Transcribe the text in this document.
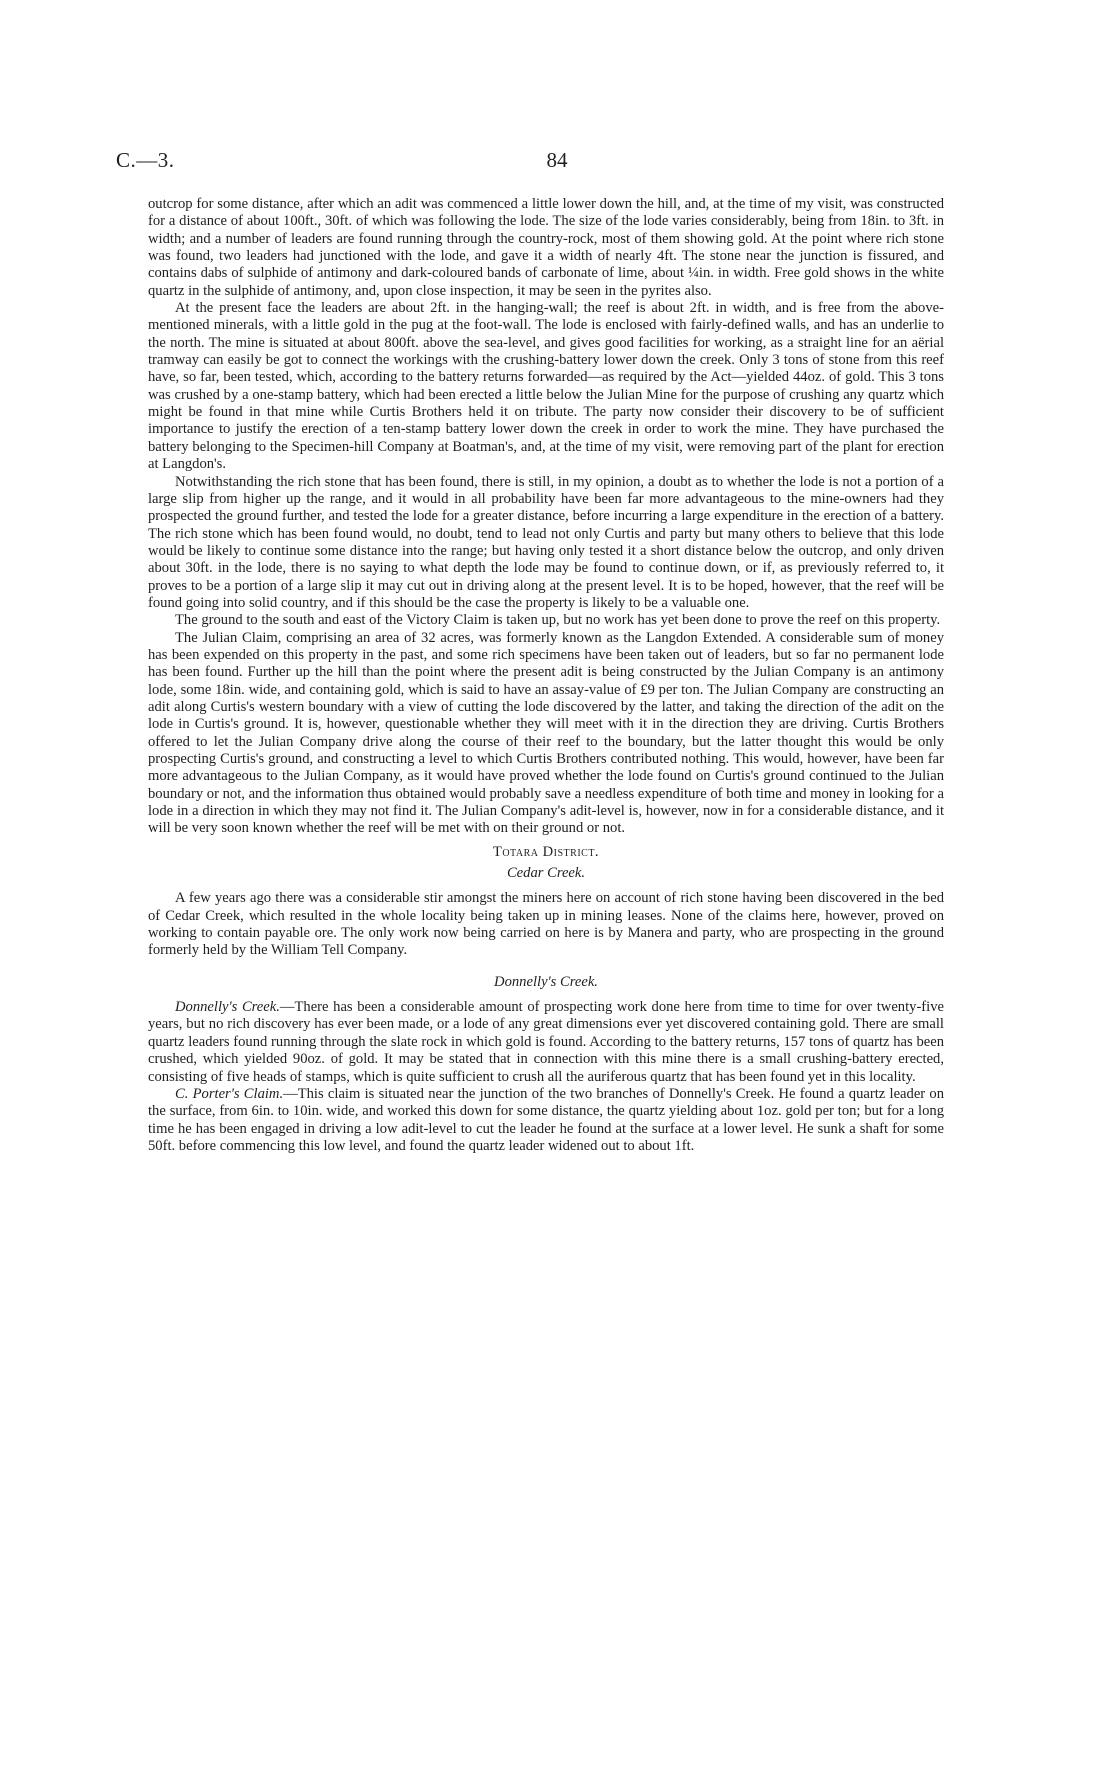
C.—3.	84

outcrop for some distance, after which an adit was commenced a little lower down the hill, and, at the time of my visit, was constructed for a distance of about 100ft., 30ft. of which was following the lode. The size of the lode varies considerably, being from 18in. to 3ft. in width; and a number of leaders are found running through the country-rock, most of them showing gold. At the point where rich stone was found, two leaders had junctioned with the lode, and gave it a width of nearly 4ft. The stone near the junction is fissured, and contains dabs of sulphide of antimony and dark-coloured bands of carbonate of lime, about ¼in. in width. Free gold shows in the white quartz in the sulphide of antimony, and, upon close inspection, it may be seen in the pyrites also.

At the present face the leaders are about 2ft. in the hanging-wall; the reef is about 2ft. in width, and is free from the above-mentioned minerals, with a little gold in the pug at the foot-wall. The lode is enclosed with fairly-defined walls, and has an underlie to the north. The mine is situated at about 800ft. above the sea-level, and gives good facilities for working, as a straight line for an aërial tramway can easily be got to connect the workings with the crushing-battery lower down the creek. Only 3 tons of stone from this reef have, so far, been tested, which, according to the battery returns forwarded—as required by the Act—yielded 44oz. of gold. This 3 tons was crushed by a one-stamp battery, which had been erected a little below the Julian Mine for the purpose of crushing any quartz which might be found in that mine while Curtis Brothers held it on tribute. The party now consider their discovery to be of sufficient importance to justify the erection of a ten-stamp battery lower down the creek in order to work the mine. They have purchased the battery belonging to the Specimen-hill Company at Boatman's, and, at the time of my visit, were removing part of the plant for erection at Langdon's.

Notwithstanding the rich stone that has been found, there is still, in my opinion, a doubt as to whether the lode is not a portion of a large slip from higher up the range, and it would in all probability have been far more advantageous to the mine-owners had they prospected the ground further, and tested the lode for a greater distance, before incurring a large expenditure in the erection of a battery. The rich stone which has been found would, no doubt, tend to lead not only Curtis and party but many others to believe that this lode would be likely to continue some distance into the range; but having only tested it a short distance below the outcrop, and only driven about 30ft. in the lode, there is no saying to what depth the lode may be found to continue down, or if, as previously referred to, it proves to be a portion of a large slip it may cut out in driving along at the present level. It is to be hoped, however, that the reef will be found going into solid country, and if this should be the case the property is likely to be a valuable one.

The ground to the south and east of the Victory Claim is taken up, but no work has yet been done to prove the reef on this property.

The Julian Claim, comprising an area of 32 acres, was formerly known as the Langdon Extended. A considerable sum of money has been expended on this property in the past, and some rich specimens have been taken out of leaders, but so far no permanent lode has been found. Further up the hill than the point where the present adit is being constructed by the Julian Company is an antimony lode, some 18in. wide, and containing gold, which is said to have an assay-value of £9 per ton. The Julian Company are constructing an adit along Curtis's western boundary with a view of cutting the lode discovered by the latter, and taking the direction of the adit on the lode in Curtis's ground. It is, however, questionable whether they will meet with it in the direction they are driving. Curtis Brothers offered to let the Julian Company drive along the course of their reef to the boundary, but the latter thought this would be only prospecting Curtis's ground, and constructing a level to which Curtis Brothers contributed nothing. This would, however, have been far more advantageous to the Julian Company, as it would have proved whether the lode found on Curtis's ground continued to the Julian boundary or not, and the information thus obtained would probably save a needless expenditure of both time and money in looking for a lode in a direction in which they may not find it. The Julian Company's adit-level is, however, now in for a considerable distance, and it will be very soon known whether the reef will be met with on their ground or not.

Totara District.
Cedar Creek.

A few years ago there was a considerable stir amongst the miners here on account of rich stone having been discovered in the bed of Cedar Creek, which resulted in the whole locality being taken up in mining leases. None of the claims here, however, proved on working to contain payable ore. The only work now being carried on here is by Manera and party, who are prospecting in the ground formerly held by the William Tell Company.

Donnelly's Creek.

Donnelly's Creek.—There has been a considerable amount of prospecting work done here from time to time for over twenty-five years, but no rich discovery has ever been made, or a lode of any great dimensions ever yet discovered containing gold. There are small quartz leaders found running through the slate rock in which gold is found. According to the battery returns, 157 tons of quartz has been crushed, which yielded 90oz. of gold. It may be stated that in connection with this mine there is a small crushing-battery erected, consisting of five heads of stamps, which is quite sufficient to crush all the auriferous quartz that has been found yet in this locality.

C. Porter's Claim.—This claim is situated near the junction of the two branches of Donnelly's Creek. He found a quartz leader on the surface, from 6in. to 10in. wide, and worked this down for some distance, the quartz yielding about 1oz. gold per ton; but for a long time he has been engaged in driving a low adit-level to cut the leader he found at the surface at a lower level. He sunk a shaft for some 50ft. before commencing this low level, and found the quartz leader widened out to about 1ft.
